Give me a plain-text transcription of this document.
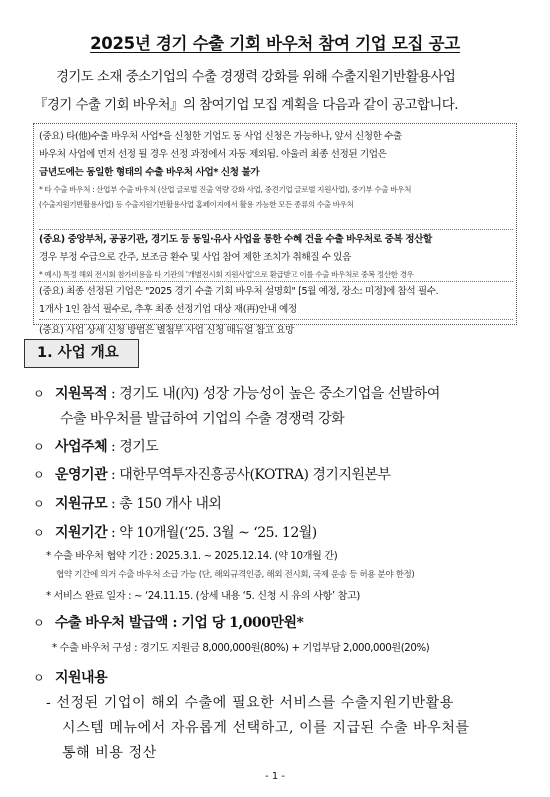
2025년 경기 수출 기회 바우처 참여 기업 모집 공고

경기도 소재 중소기업의 수출 경쟁력 강화를 위해 수출지원기반활용사업

『경기 수출 기회 바우처』의 참여기업 모집 계획을 다음과 같이 공고합니다.

(중요) 타(他)수출 바우처 사업*을 신청한 기업도 동 사업 신청은 가능하나, 앞서 신청한 수출

바우처 사업에 먼저 선정 될 경우 선정 과정에서 자동 제외됨. 아울러 최종 선정된 기업은

금년도에는 동일한 형태의 수출 바우처 사업* 신청 불가

* 타 수출 바우처 : 산업부 수출 바우처 (산업 글로벌 진출 역량 강화 사업, 중견기업 글로벌 지원사업), 중기부 수출 바우처

(수출지원기반활용사업) 등 수출지원기반활용사업 홈페이지에서 활용 가능한 모든 종류의 수출 바우처

(중요) 중앙부처, 공공기관, 경기도 등 동일·유사 사업을 통한 수혜 건을 수출 바우처로 중복 정산할

경우 부정 수급으로 간주, 보조금 환수 및 사업 참여 제한 조치가 취해질 수 있음

* 예시) 특정 해외 전시회 참가비용을 타 기관의 '개별전시회 지원사업'으로 환급받고 이를 수출 바우처로 중복 정산한 경우

(중요) 최종 선정된 기업은 "2025 경기 수출 기회 바우처 설명회" [5월 예정, 장소: 미정]에 참석 필수.

1개사 1인 참석 필수로, 추후 최종 선정기업 대상 재(再)안내 예정

(중요) 사업 상세 신청 방법은 별첨부 사업 신청 매뉴얼 참고 요망

1. 사업 개요
ㅇ 지원목적 : 경기도 내(內) 성장 가능성이 높은 중소기업을 선발하여
수출 바우처를 발급하여 기업의 수출 경쟁력 강화
ㅇ 사업주체 : 경기도
ㅇ 운영기관 : 대한무역투자진흥공사(KOTRA) 경기지원본부
ㅇ 지원규모 : 총 150 개사 내외
ㅇ 지원기간 : 약 10개월(‘25. 3월 ~ ‘25. 12월)
* 수출 바우처 협약 기간 : 2025.3.1. ~ 2025.12.14. (약 10개월 간)
협약 기간에 의거 수출 바우처 소급 가능 (단, 해외규격인증, 해외 전시회, 국제 운송 등 허용 분야 한정)
* 서비스 완료 일자 : ~ ‘24.11.15. (상세 내용 ‘5. 신청 시 유의 사항’ 참고)
ㅇ 수출 바우처 발급액 : 기업 당 1,000만원*
* 수출 바우처 구성 : 경기도 지원금 8,000,000원(80%) + 기업부담 2,000,000원(20%)
ㅇ 지원내용
- 선정된 기업이 해외 수출에 필요한 서비스를 수출지원기반활용
시스템 메뉴에서 자유롭게 선택하고, 이를 지급된 수출 바우처를
통해 비용 정산
- 1 -
